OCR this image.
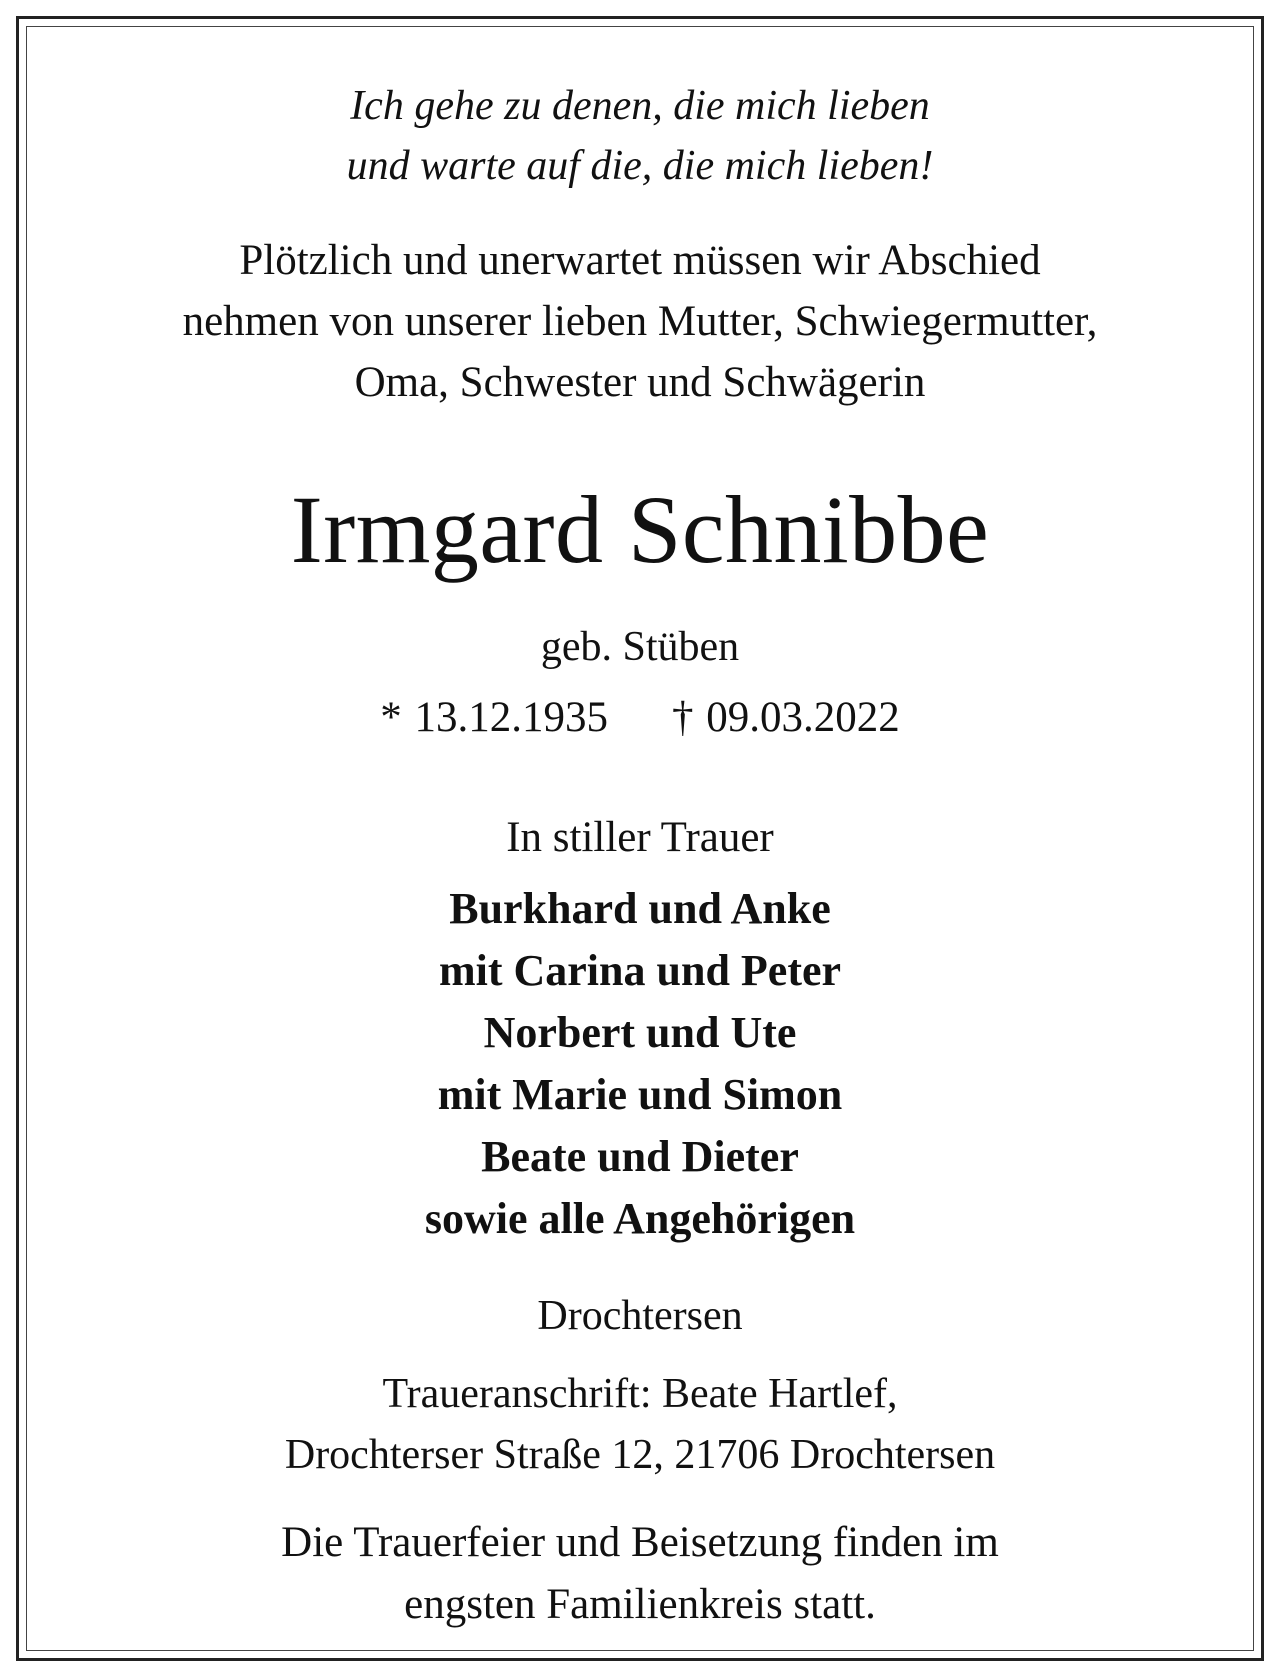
Ich gehe zu denen, die mich lieben
und warte auf die, die mich lieben!
Plötzlich und unerwartet müssen wir Abschied
nehmen von unserer lieben Mutter, Schwiegermutter,
Oma, Schwester und Schwägerin
Irmgard Schnibbe
geb. Stüben
* 13.12.1935 † 09.03.2022
In stiller Trauer
Burkhard und Anke
mit Carina und Peter
Norbert und Ute
mit Marie und Simon
Beate und Dieter
sowie alle Angehörigen
Drochtersen
Traueranschrift: Beate Hartlef,
Drochterser Straße 12, 21706 Drochtersen
Die Trauerfeier und Beisetzung finden im
engsten Familienkreis statt.
